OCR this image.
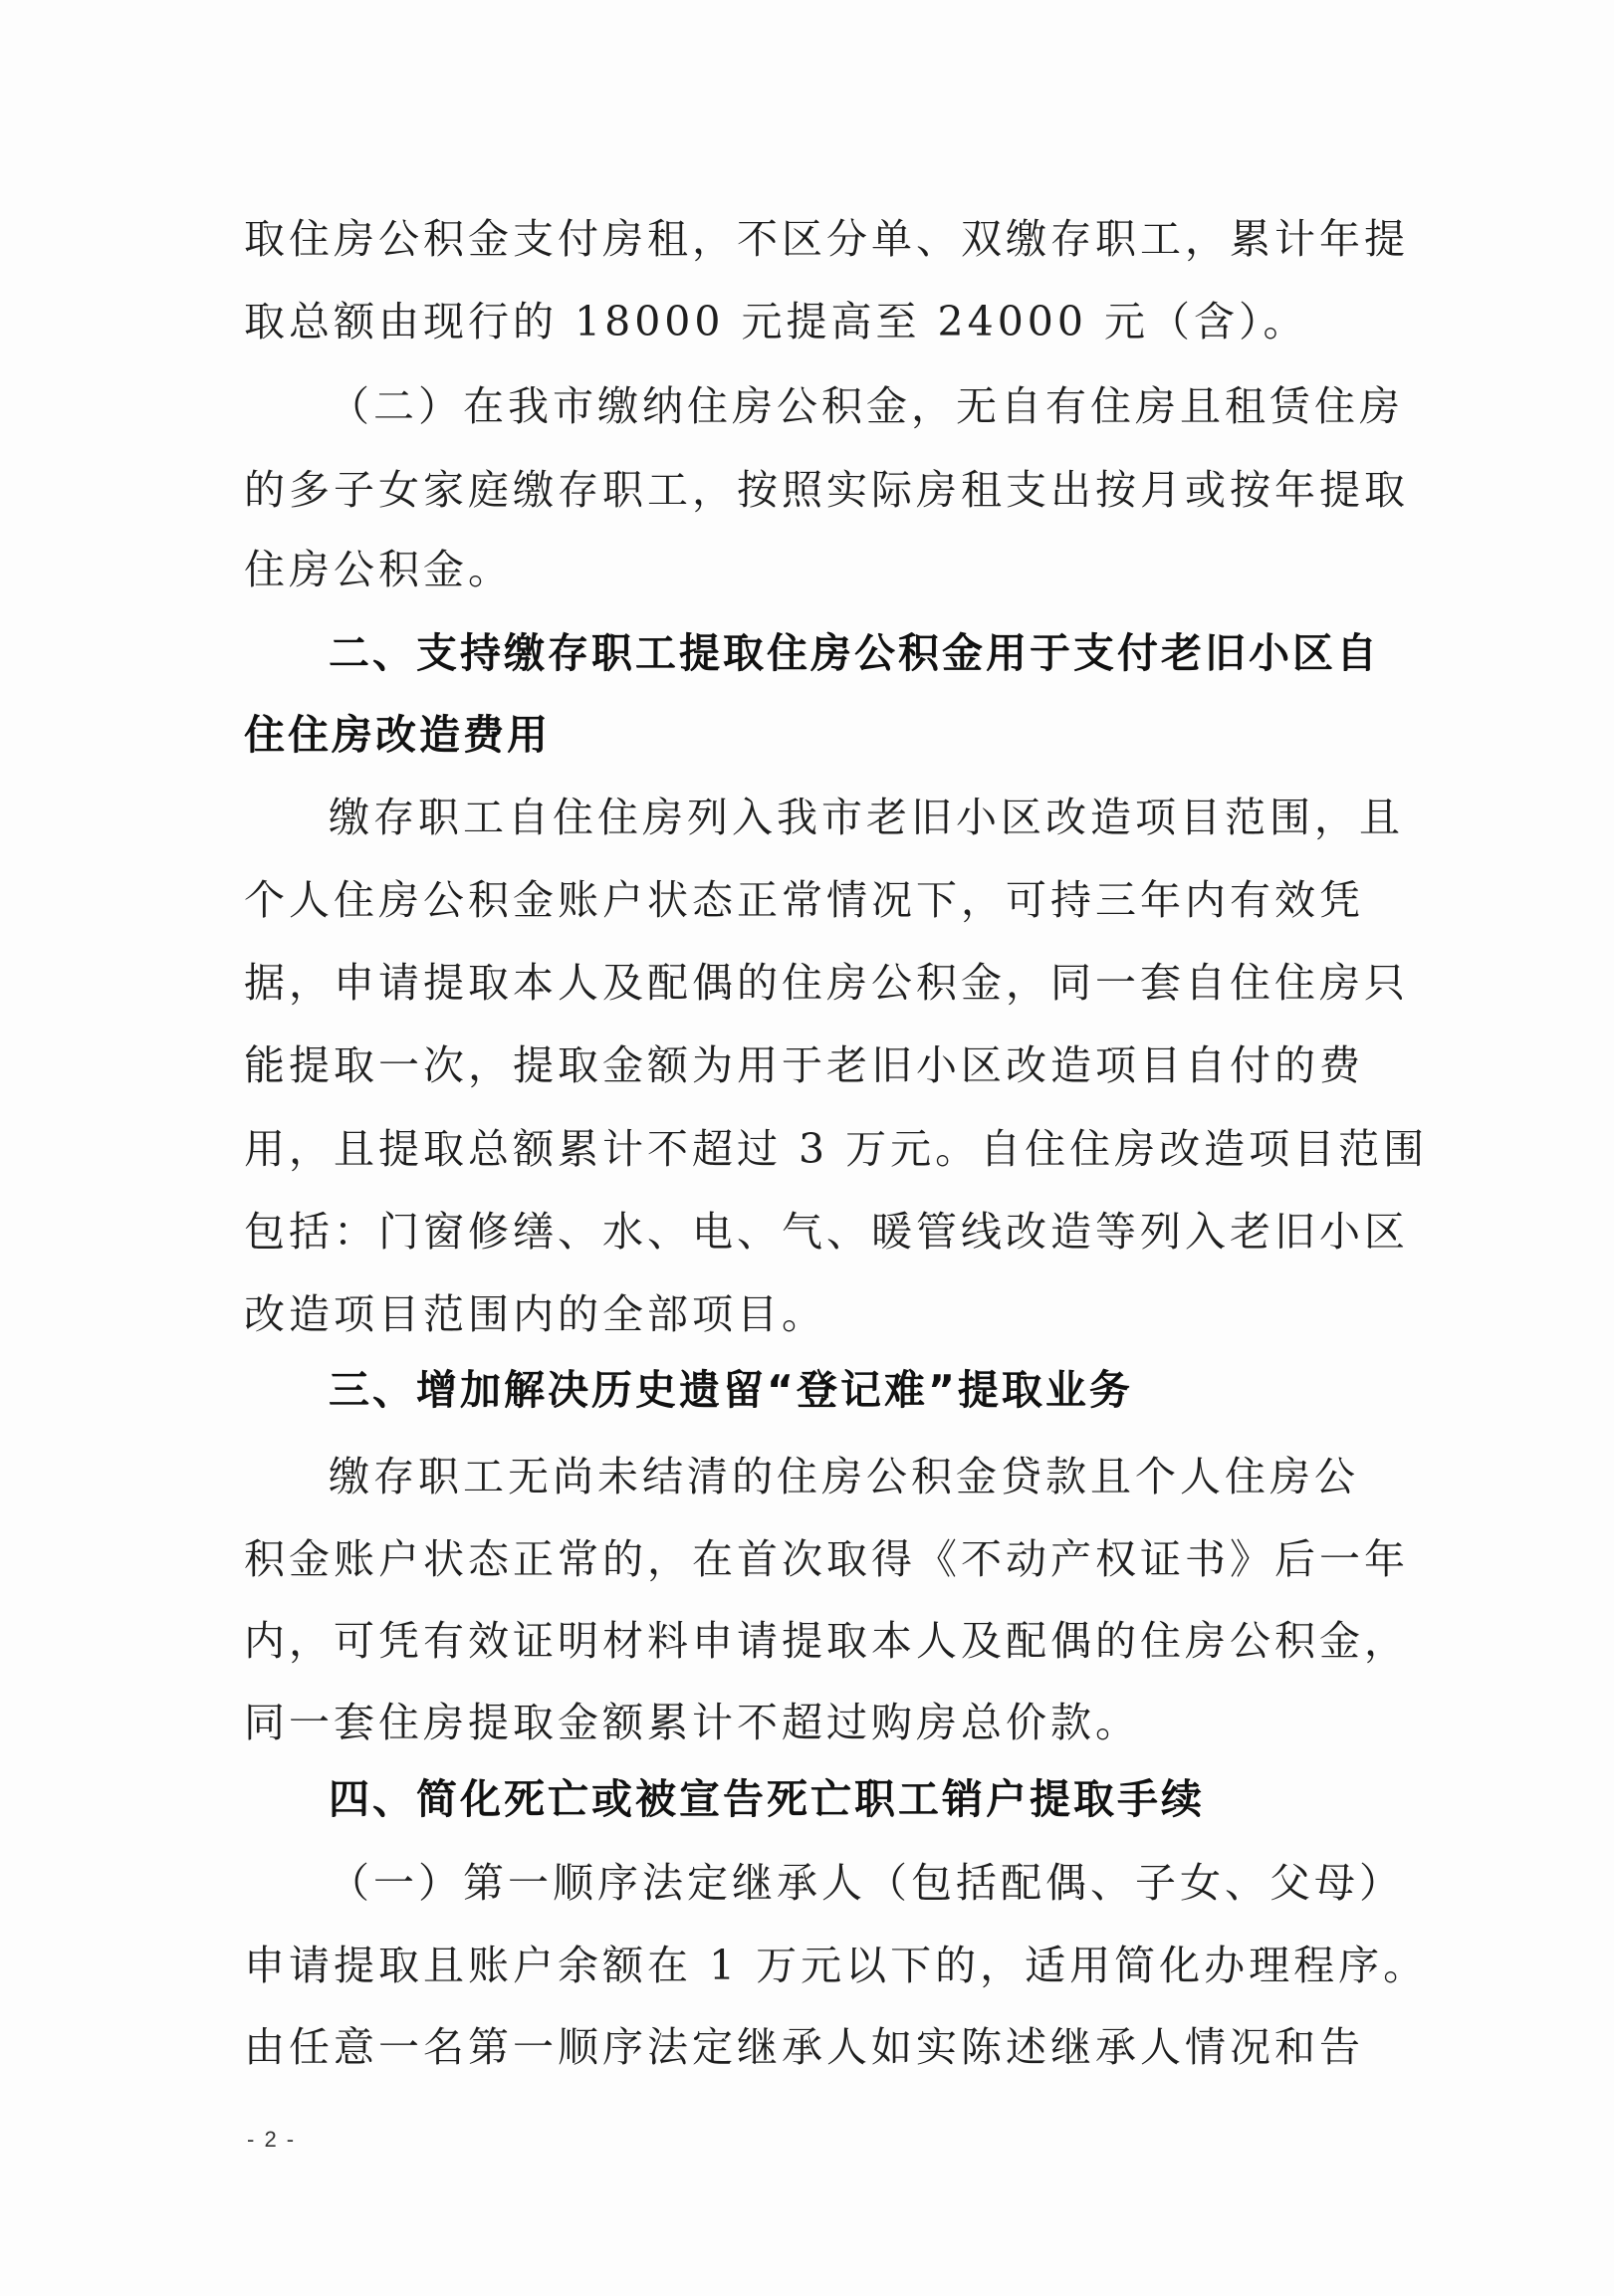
取住房公积金支付房租，不区分单、双缴存职工，累计年提
取总额由现行的 18000 元提高至 24000 元（含）。
（二）在我市缴纳住房公积金，无自有住房且租赁住房
的多子女家庭缴存职工，按照实际房租支出按月或按年提取
住房公积金。
二、支持缴存职工提取住房公积金用于支付老旧小区自
住住房改造费用
缴存职工自住住房列入我市老旧小区改造项目范围，且
个人住房公积金账户状态正常情况下，可持三年内有效凭
据，申请提取本人及配偶的住房公积金，同一套自住住房只
能提取一次，提取金额为用于老旧小区改造项目自付的费
用，且提取总额累计不超过 3 万元。自住住房改造项目范围
包括：门窗修缮、水、电、气、暖管线改造等列入老旧小区
改造项目范围内的全部项目。
三、增加解决历史遗留“登记难”提取业务
缴存职工无尚未结清的住房公积金贷款且个人住房公
积金账户状态正常的，在首次取得《不动产权证书》后一年
内，可凭有效证明材料申请提取本人及配偶的住房公积金，
同一套住房提取金额累计不超过购房总价款。
四、简化死亡或被宣告死亡职工销户提取手续
（一）第一顺序法定继承人（包括配偶、子女、父母）
申请提取且账户余额在 1 万元以下的，适用简化办理程序。
由任意一名第一顺序法定继承人如实陈述继承人情况和告
- 2 -
